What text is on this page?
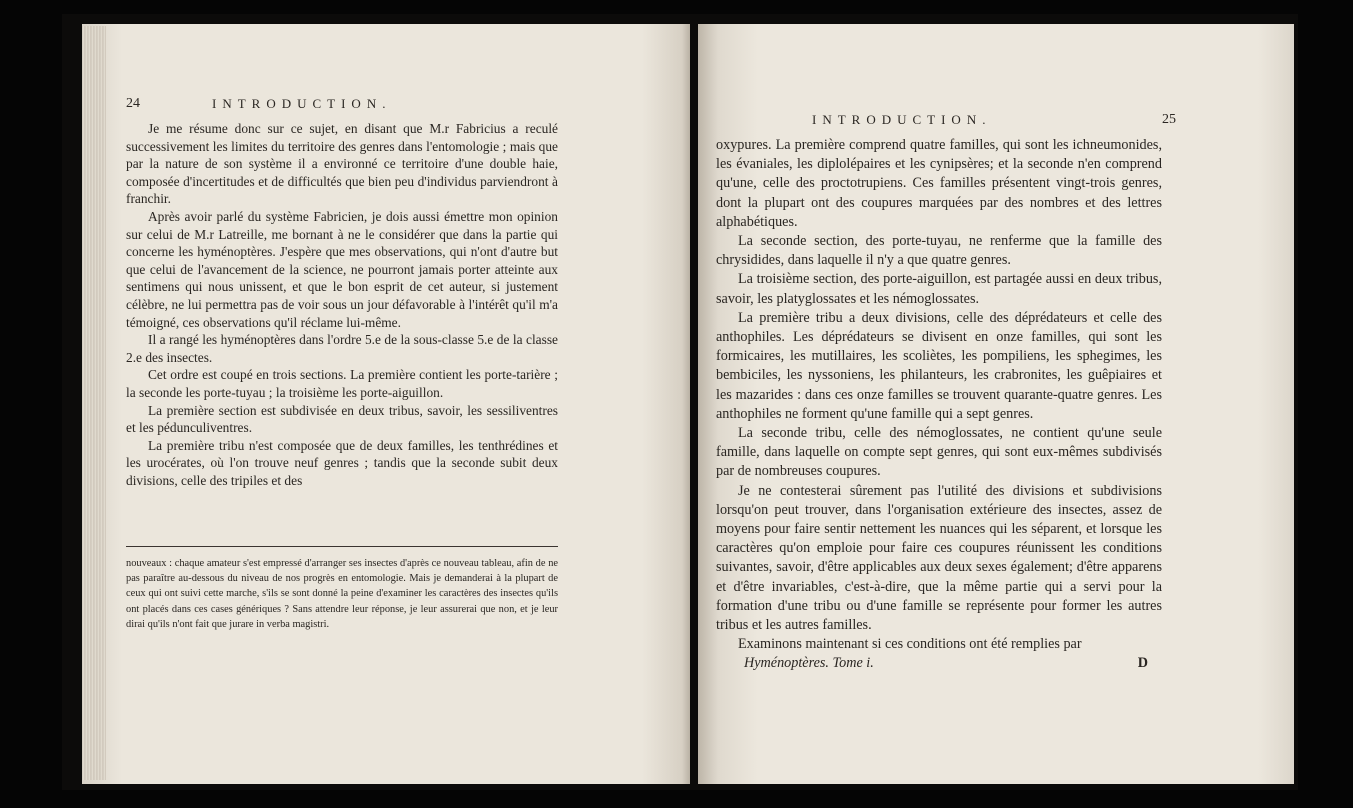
24	INTRODUCTION.

Je me résume donc sur ce sujet, en disant que M.r Fabricius a reculé successivement les limites du territoire des genres dans l'entomologie ; mais que par la nature de son système il a environné ce territoire d'une double haie, composée d'incertitudes et de difficultés que bien peu d'individus parviendront à franchir.

Après avoir parlé du système Fabricien, je dois aussi émettre mon opinion sur celui de M.r Latreille, me bornant à ne le considérer que dans la partie qui concerne les hyménoptères. J'espère que mes observations, qui n'ont d'autre but que celui de l'avancement de la science, ne pourront jamais porter atteinte aux sentimens qui nous unissent, et que le bon esprit de cet auteur, si justement célèbre, ne lui permettra pas de voir sous un jour défavorable à l'intérêt qu'il m'a témoigné, ces observations qu'il réclame lui-même.

Il a rangé les hyménoptères dans l'ordre 5.e de la sous-classe 5.e de la classe 2.e des insectes.

Cet ordre est coupé en trois sections. La première contient les porte-tarière ; la seconde les porte-tuyau ; la troisième les porte-aiguillon.

La première section est subdivisée en deux tribus, savoir, les sessiliventres et les pédunculiventres.

La première tribu n'est composée que de deux familles, les tenthrédines et les urocérates, où l'on trouve neuf genres ; tandis que la seconde subit deux divisions, celle des tripiles et des

nouveaux : chaque amateur s'est empressé d'arranger ses insectes d'après ce nouveau tableau, afin de ne pas paraître au-dessous du niveau de nos progrès en entomologie. Mais je demanderai à la plupart de ceux qui ont suivi cette marche, s'ils se sont donné la peine d'examiner les caractères des insectes qu'ils ont placés dans ces cases génériques ? Sans attendre leur réponse, je leur assurerai que non, et je leur dirai qu'ils n'ont fait que jurare in verba magistri.

INTRODUCTION.	25

oxypures. La première comprend quatre familles, qui sont les ichneumonides, les évaniales, les diplolépaires et les cynipsères; et la seconde n'en comprend qu'une, celle des proctotrupiens. Ces familles présentent vingt-trois genres, dont la plupart ont des coupures marquées par des nombres et des lettres alphabétiques.

La seconde section, des porte-tuyau, ne renferme que la famille des chrysidides, dans laquelle il n'y a que quatre genres.

La troisième section, des porte-aiguillon, est partagée aussi en deux tribus, savoir, les platyglossates et les némoglossates.

La première tribu a deux divisions, celle des déprédateurs et celle des anthophiles. Les déprédateurs se divisent en onze familles, qui sont les formicaires, les mutillaires, les scoliètes, les pompiliens, les sphegimes, les bembiciles, les nyssoniens, les philanteurs, les crabronites, les guêpiaires et les mazarides : dans ces onze familles se trouvent quarante-quatre genres. Les anthophiles ne forment qu'une famille qui a sept genres.

La seconde tribu, celle des némoglossates, ne contient qu'une seule famille, dans laquelle on compte sept genres, qui sont eux-mêmes subdivisés par de nombreuses coupures.

Je ne contesterai sûrement pas l'utilité des divisions et subdivisions lorsqu'on peut trouver, dans l'organisation extérieure des insectes, assez de moyens pour faire sentir nettement les nuances qui les séparent, et lorsque les caractères qu'on emploie pour faire ces coupures réunissent les conditions suivantes, savoir, d'être applicables aux deux sexes également; d'être apparens et d'être invariables, c'est-à-dire, que la même partie qui a servi pour la formation d'une tribu ou d'une famille se représente pour former les autres tribus et les autres familles.

Examinons maintenant si ces conditions ont été remplies par

Hyménoptères. Tome i.	D
